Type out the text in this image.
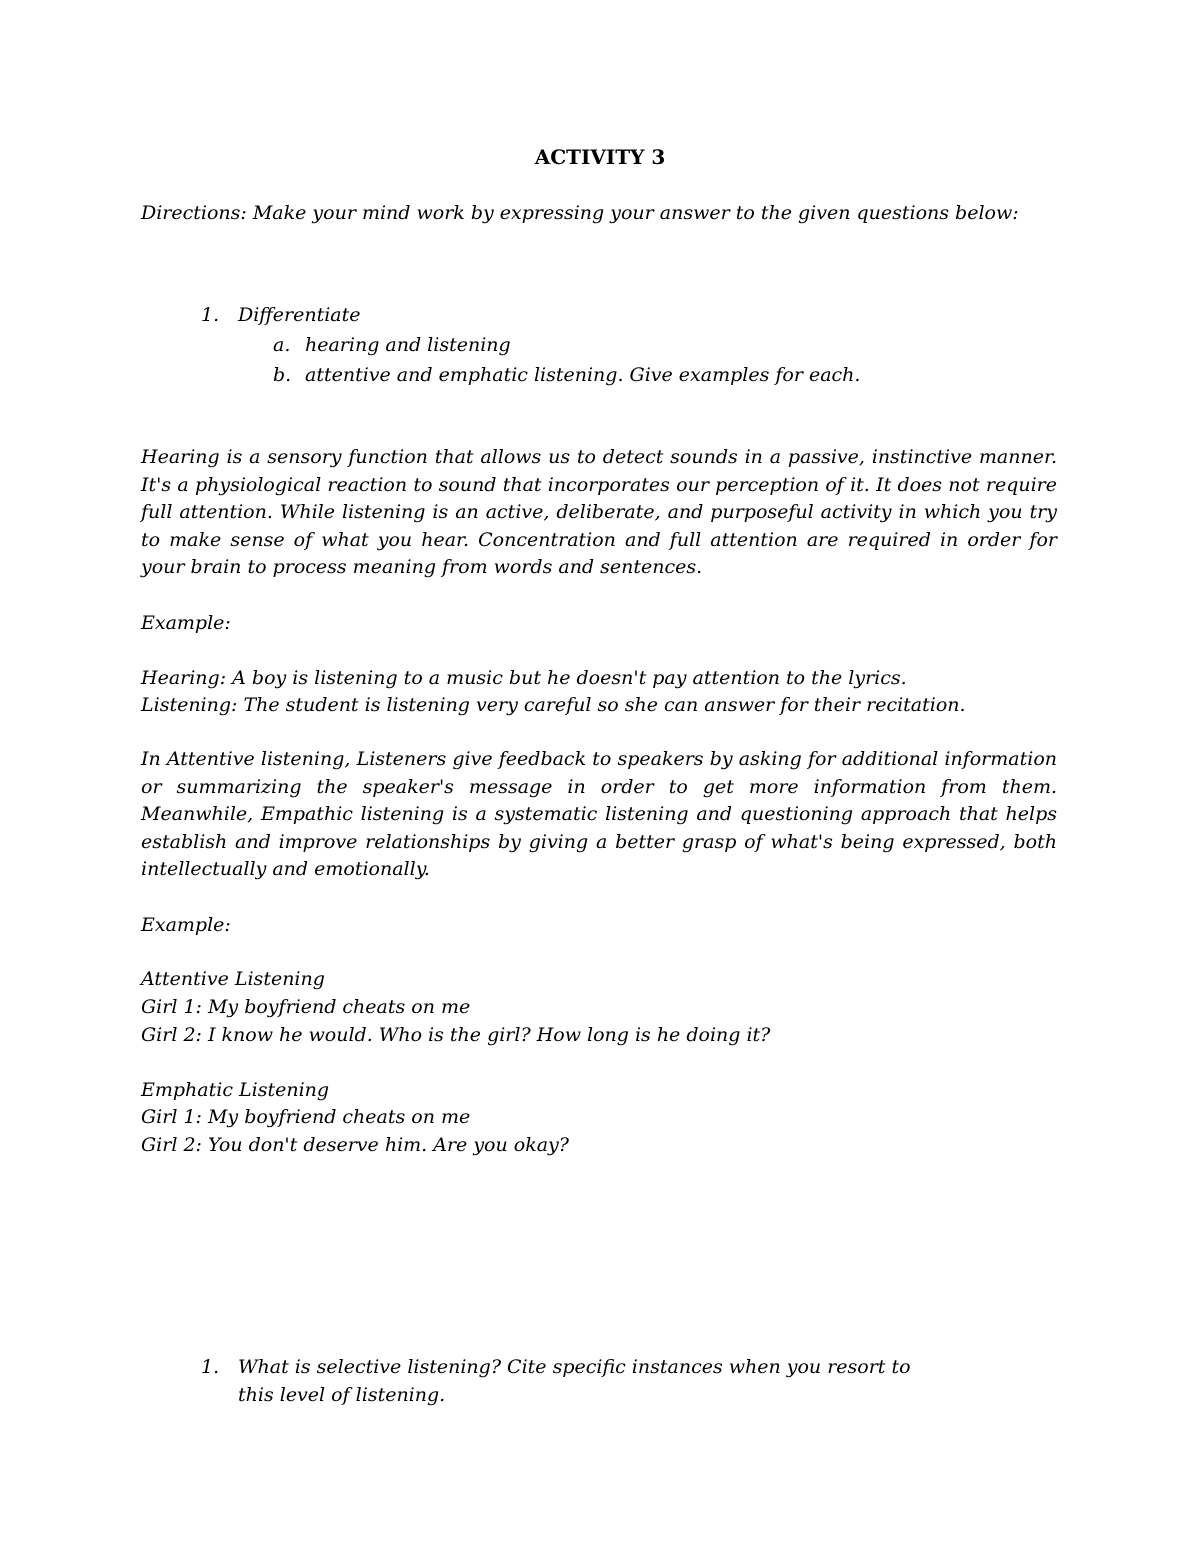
ACTIVITY 3
Directions: Make your mind work by expressing your answer to the given questions below:
1. Differentiate
a. hearing and listening
b. attentive and emphatic listening. Give examples for each.
Hearing is a sensory function that allows us to detect sounds in a passive, instinctive manner. It's a physiological reaction to sound that incorporates our perception of it. It does not require full attention. While listening is an active, deliberate, and purposeful activity in which you try to make sense of what you hear. Concentration and full attention are required in order for your brain to process meaning from words and sentences.
Example:
Hearing: A boy is listening to a music but he doesn't pay attention to the lyrics.
Listening: The student is listening very careful so she can answer for their recitation.
In Attentive listening, Listeners give feedback to speakers by asking for additional information or summarizing the speaker's message in order to get more information from them. Meanwhile, Empathic listening is a systematic listening and questioning approach that helps establish and improve relationships by giving a better grasp of what's being expressed, both intellectually and emotionally.
Example:
Attentive Listening
Girl 1: My boyfriend cheats on me
Girl 2: I know he would. Who is the girl? How long is he doing it?
Emphatic Listening
Girl 1: My boyfriend cheats on me
Girl 2: You don't deserve him. Are you okay?
1. What is selective listening? Cite specific instances when you resort to
this level of listening.
